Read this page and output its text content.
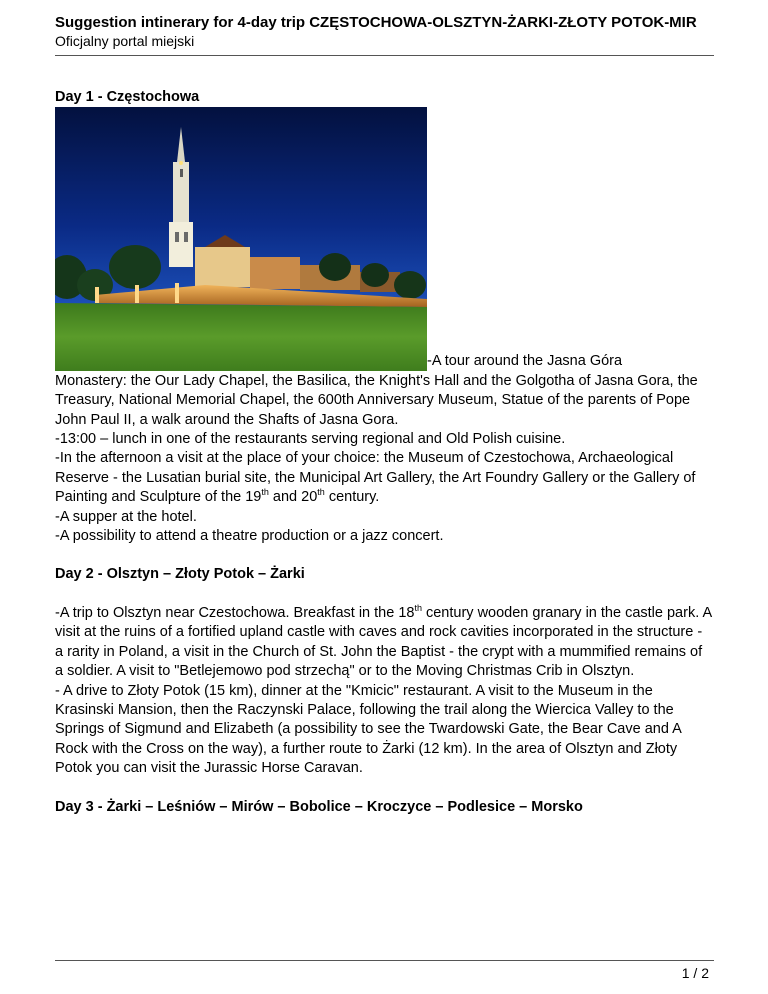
Suggestion intinerary for 4-day trip CZĘSTOCHOWA-OLSZTYN-ŻARKI-ZŁOTY POTOK-MIR
Oficjalny portal miejski

Day 1 - Częstochowa

-A tour around the Jasna Góra

Monastery: the Our Lady Chapel, the Basilica, the Knight's Hall and the Golgotha of Jasna Gora, the Treasury, National Memorial Chapel, the 600th Anniversary Museum, Statue of the parents of Pope John Paul II, a walk around the Shafts of Jasna Gora.

-13:00 – lunch in one of the restaurants serving regional and Old Polish cuisine.

-In the afternoon a visit at the place of your choice: the Museum of Czestochowa, Archaeological Reserve - the Lusatian burial site, the Municipal Art Gallery, the Art Foundry Gallery or the Gallery of Painting and Sculpture of the 19th and 20th century.

-A supper at the hotel.

-A possibility to attend a theatre production or a jazz concert.

Day 2 - Olsztyn – Złoty Potok – Żarki

-A trip to Olsztyn near Czestochowa. Breakfast in the 18th century wooden granary in the castle park. A visit at the ruins of a fortified upland castle with caves and rock cavities incorporated in the structure - a rarity in Poland, a visit in the Church of St. John the Baptist - the crypt with a mummified remains of a soldier. A visit to "Betlejemowo pod strzechą" or to the Moving Christmas Crib in Olsztyn.

- A drive to Złoty Potok (15 km), dinner at the "Kmicic" restaurant. A visit to the Museum in the Krasinski Mansion, then the Raczynski Palace, following the trail along the Wiercica Valley to the Springs of Sigmund and Elizabeth (a possibility to see the Twardowski Gate, the Bear Cave and A Rock with the Cross on the way), a further route to Żarki (12 km). In the area of Olsztyn and Złoty Potok you can visit the Jurassic Horse Caravan.

Day 3 - Żarki – Leśniów – Mirów – Bobolice – Kroczyce – Podlesice – Morsko

1 / 2
